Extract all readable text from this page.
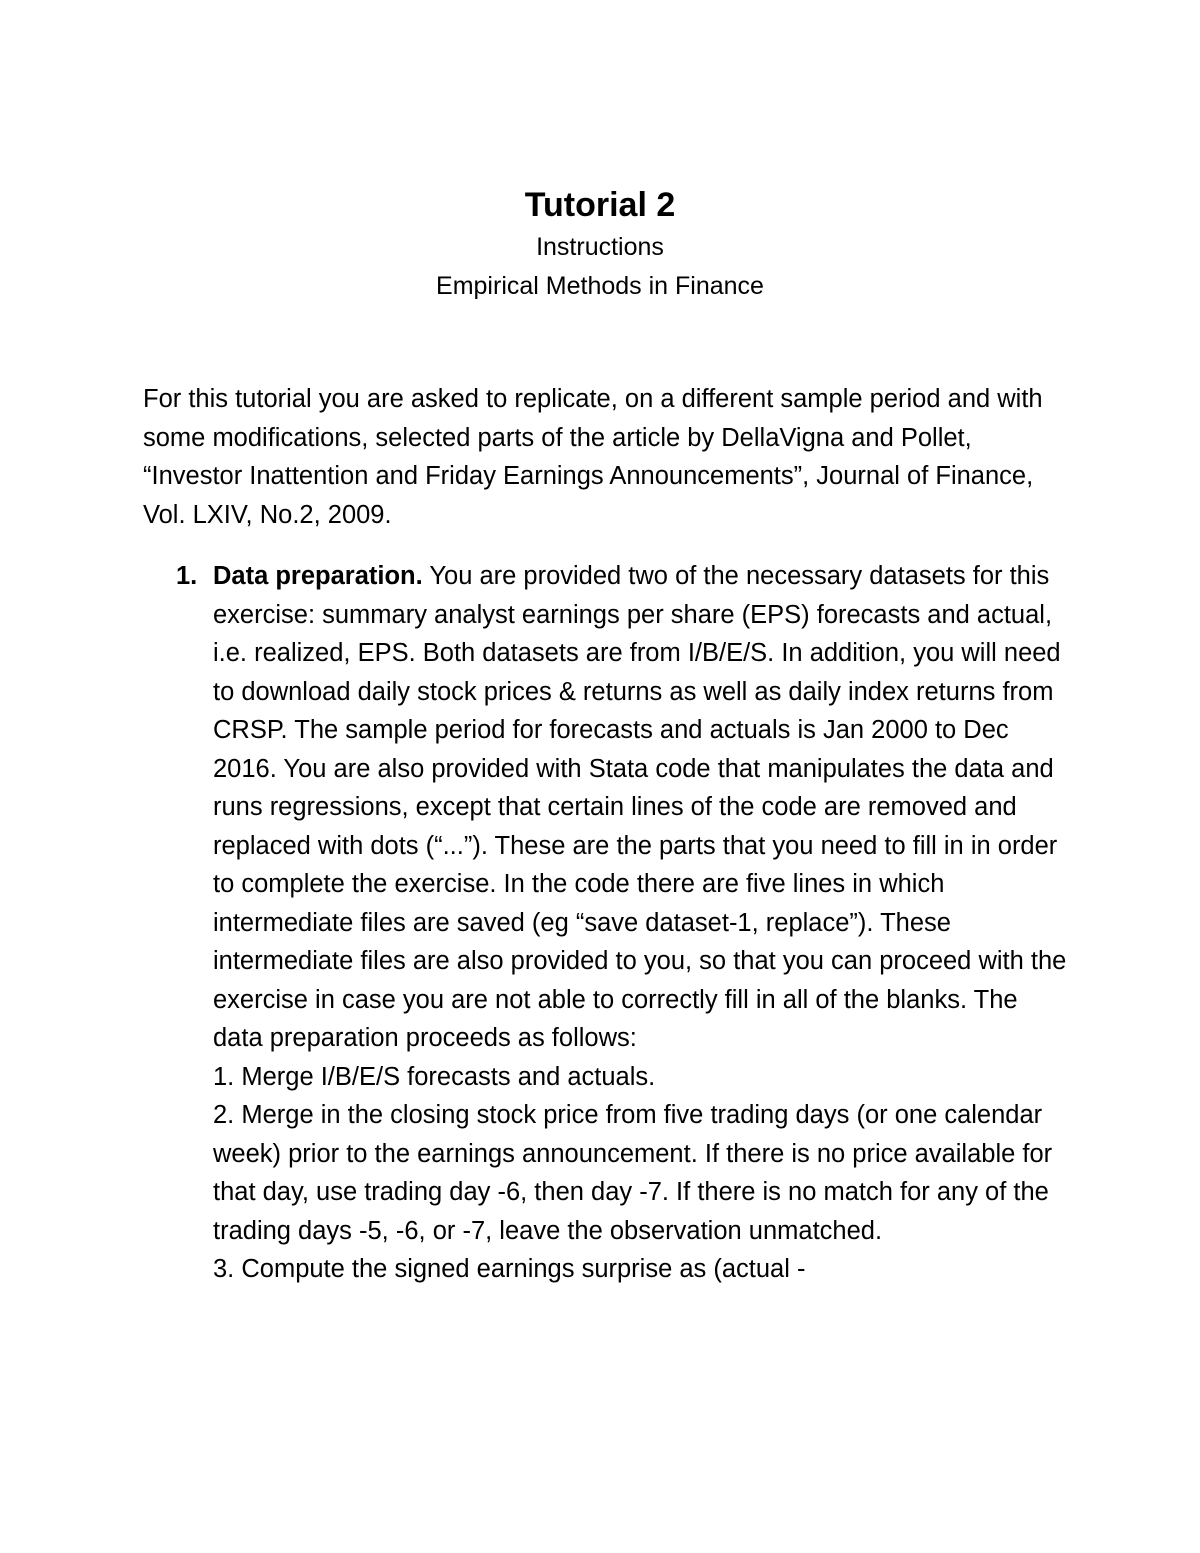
Tutorial 2
Instructions
Empirical Methods in Finance

For this tutorial you are asked to replicate, on a different sample period and with some modifications, selected parts of the article by DellaVigna and Pollet, “Investor Inattention and Friday Earnings Announcements”, Journal of Finance, Vol. LXIV, No.2, 2009.

1. Data preparation. You are provided two of the necessary datasets for this exercise: summary analyst earnings per share (EPS) forecasts and actual, i.e. realized, EPS. Both datasets are from I/B/E/S. In addition, you will need to download daily stock prices & returns as well as daily index returns from CRSP. The sample period for forecasts and actuals is Jan 2000 to Dec 2016. You are also provided with Stata code that manipulates the data and runs regressions, except that certain lines of the code are removed and replaced with dots (“...”). These are the parts that you need to fill in in order to complete the exercise. In the code there are five lines in which intermediate files are saved (eg “save dataset-1, replace”). These intermediate files are also provided to you, so that you can proceed with the exercise in case you are not able to correctly fill in all of the blanks. The data preparation proceeds as follows:

1. Merge I/B/E/S forecasts and actuals.

2. Merge in the closing stock price from five trading days (or one calendar week) prior to the earnings announcement. If there is no price available for that day, use trading day -6, then day -7. If there is no match for any of the trading days -5, -6, or -7, leave the observation unmatched.

3. Compute the signed earnings surprise as (actual -
